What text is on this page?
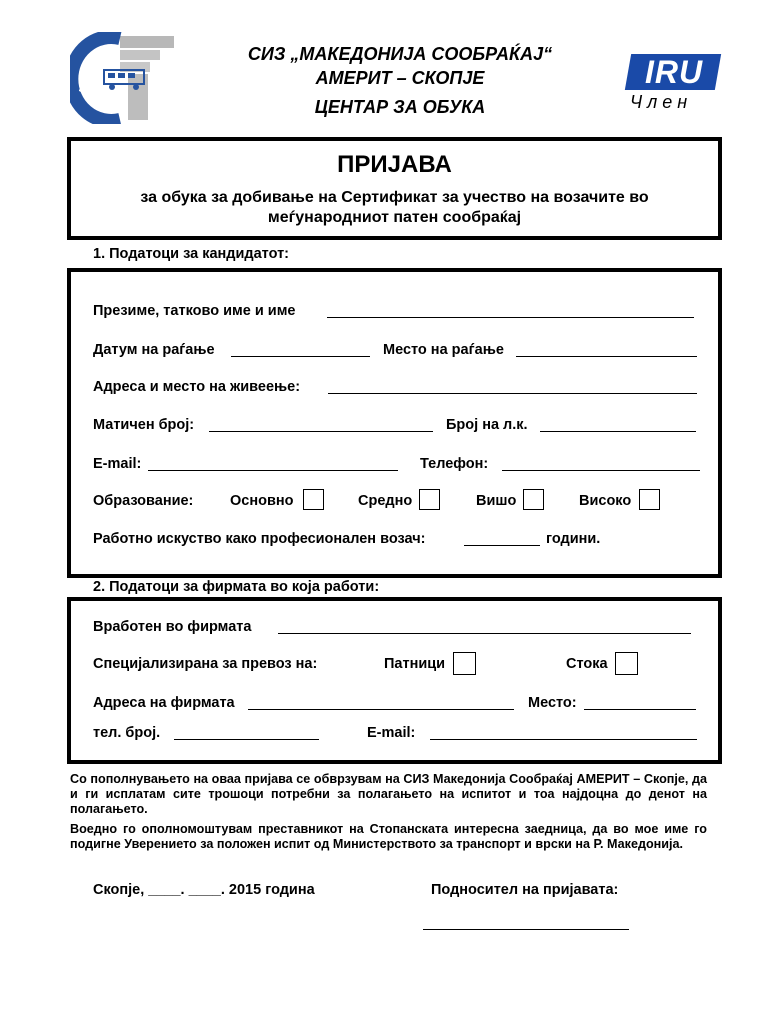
AMERIT
СИЗ „МАКЕДОНИЈА СООБРАЌАЈ“
АМЕРИТ – СКОПЈЕ
ЦЕНТАР ЗА ОБУКА
IRU
Член
ПРИЈАВА
за обука за добивање на Сертификат за учество на возачите во
меѓународниот патен сообраќај
1. Податоци за кандидатот:
Презиме, татково име и име
Датум на раѓање	Место на раѓање
Адреса и место на живеење:
Матичен број:	Број на л.к.
E-mail:	Телефон:
Образование:	Основно	Средно	Вишо	Високо
Работно искуство како професионален возач:	години.
2. Податоци за фирмата во која работи:
Вработен во фирмата
Специјализирана за превоз на:	Патници	Стока
Адреса на фирмата	Место:
тел. број.	E-mail:
Со пополнувањето на оваа пријава се обврзувам на СИЗ Македонија Сообраќај АМЕРИТ – Скопје, да и ги исплатам сите трошоци потребни за полагањето на испитот и тоа најдоцна до денот на полагањето.
Воедно го ополномоштувам преставникот на Стопанската интересна заедница, да во мое име го подигне Уверението за положен испит од Министерството за транспорт и врски на Р. Македонија.
Скопје, ____. ____. 2015 година	Подносител на пријавата:
